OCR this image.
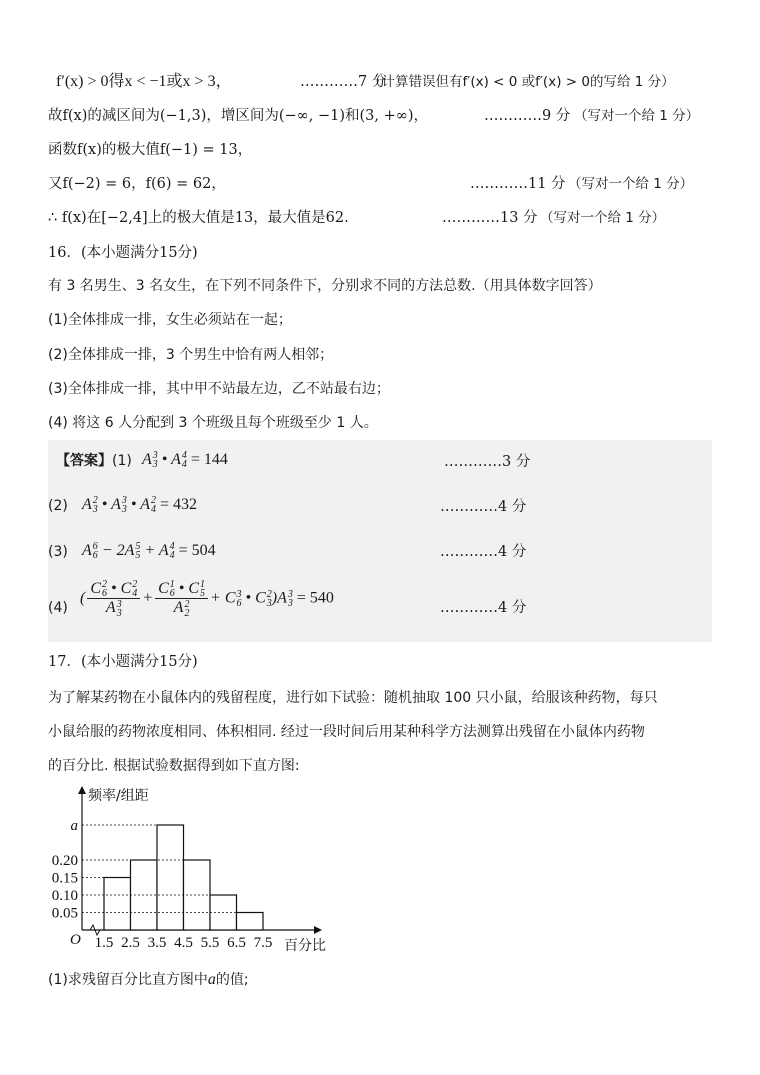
f′(x) > 0得x < −1或x > 3，	…………7 分
（计算错误但有f′(x) < 0 或f′(x) > 0的写给 1 分）
故f(x)的减区间为(−1,3)，增区间为(−∞, −1)和(3, +∞)，	…………9 分 （写对一个给 1 分）
函数f(x)的极大值f(−1) = 13，
又f(−2) = 6，f(6) = 62，	…………11 分 （写对一个给 1 分）
∴ f(x)在[−2,4]上的极大值是13，最大值是62.	…………13 分 （写对一个给 1 分）
16．(本小题满分15分)
有 3 名男生、3 名女生，在下列不同条件下，分别求不同的方法总数.（用具体数字回答）
(1)全体排成一排，女生必须站在一起；
(2)全体排成一排，3 个男生中恰有两人相邻；
(3)全体排成一排，其中甲不站最左边，乙不站最右边；
(4) 将这 6 人分配到 3 个班级且每个班级至少 1 人。
【答案】(1) A 3
3 • A 4
4 = 144	…………3 分
(2) A 2
3 • A 3
3 • A 2
4 = 432	…………4 分
(3) A 6
6 − 2A 5
5 + A 4
4 = 504	…………4 分
(4)
( C 2
6 • C 2
4
A 3
3 + C 1
6 • C 1
5
A 2
2 + C 3
6 • C 2
3 )A 3
3 = 540
…………4 分
17．(本小题满分15分)
为了解某药物在小鼠体内的残留程度，进行如下试验：随机抽取 100 只小鼠，给服该种药物，每只
小鼠给服的药物浓度相同、体积相同. 经过一段时间后用某种科学方法测算出残留在小鼠体内药物
的百分比. 根据试验数据得到如下直方图:
0.05
0.10
0.15
0.20
a
1.5 2.5 3.5 4.5 5.5 6.5 7.5
O
频率/组距
百分比
(1)求残留百分比直方图中a的值;
